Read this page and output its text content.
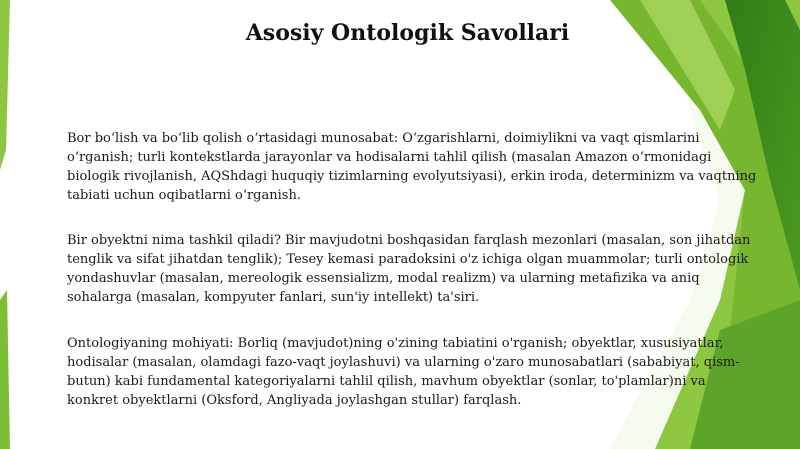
Asosiy Ontologik Savollari

Bor bo‘lish va bo‘lib qolish o‘rtasidagi munosabat: O‘zgarishlarni, doimiylikni va vaqt qismlarini o‘rganish; turli kontekstlarda jarayonlar va hodisalarni tahlil qilish (masalan Amazon o‘rmonidagi biologik rivojlanish, AQShdagi huquqiy tizimlarning evolyutsiyasi), erkin iroda, determinizm va vaqtning tabiati uchun oqibatlarni o‘rganish.

Bir obyektni nima tashkil qiladi? Bir mavjudotni boshqasidan farqlash mezonlari (masalan, son jihatdan tenglik va sifat jihatdan tenglik); Tesey kemasi paradoksini o'z ichiga olgan muammolar; turli ontologik yondashuvlar (masalan, mereologik essensializm, modal realizm) va ularning metafizika va aniq sohalarga (masalan, kompyuter fanlari, sun'iy intellekt) ta'siri.

Ontologiyaning mohiyati: Borliq (mavjudot)ning o'zining tabiatini o'rganish; obyektlar, xususiyatlar, hodisalar (masalan, olamdagi fazo-vaqt joylashuvi) va ularning o'zaro munosabatlari (sababiyat, qism-butun) kabi fundamental kategoriyalarni tahlil qilish, mavhum obyektlar (sonlar, to'plamlar)ni va konkret obyektlarni (Oksford, Angliyada joylashgan stullar) farqlash.
